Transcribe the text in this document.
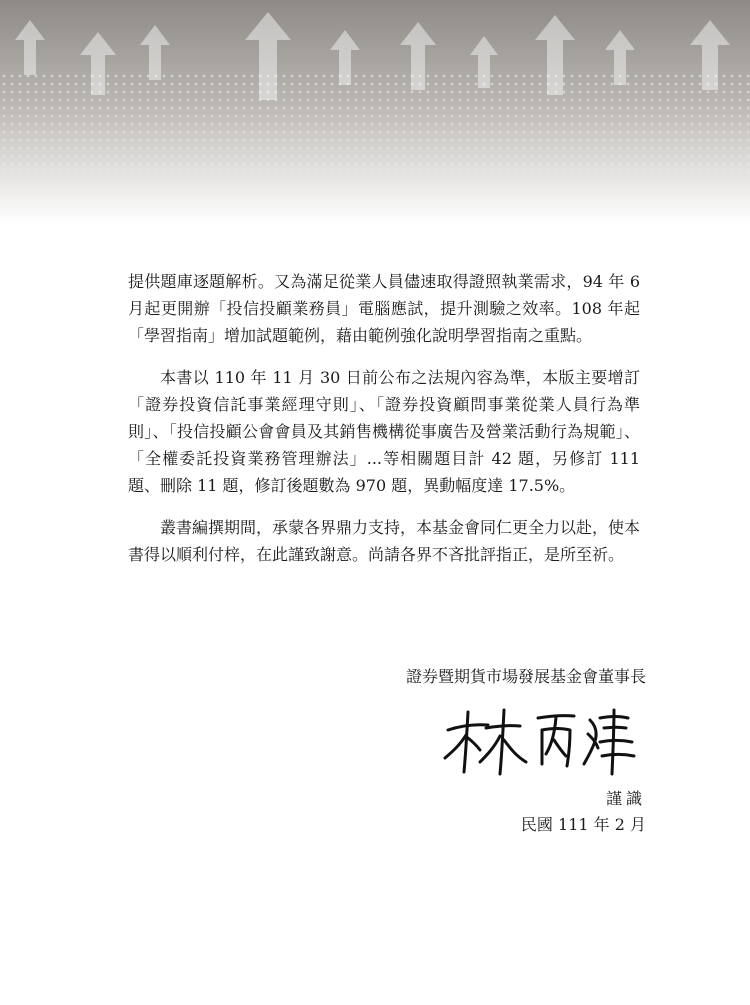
提供題庫逐題解析。又為滿足從業人員儘速取得證照執業需求，94 年 6 月起更開辦「投信投顧業務員」電腦應試，提升測驗之效率。108 年起「學習指南」增加試題範例，藉由範例強化說明學習指南之重點。

本書以 110 年 11 月 30 日前公布之法規內容為準，本版主要增訂「證券投資信託事業經理守則」、「證券投資顧問事業從業人員行為準則」、「投信投顧公會會員及其銷售機構從事廣告及營業活動行為規範」、「全權委託投資業務管理辦法」...等相關題目計 42 題，另修訂 111 題、刪除 11 題，修訂後題數為 970 題，異動幅度達 17.5%。

叢書編撰期間，承蒙各界鼎力支持，本基金會同仁更全力以赴，使本書得以順利付梓，在此謹致謝意。尚請各界不吝批評指正，是所至祈。

證券暨期貨市場發展基金會董事長
謹識
民國 111 年 2 月
